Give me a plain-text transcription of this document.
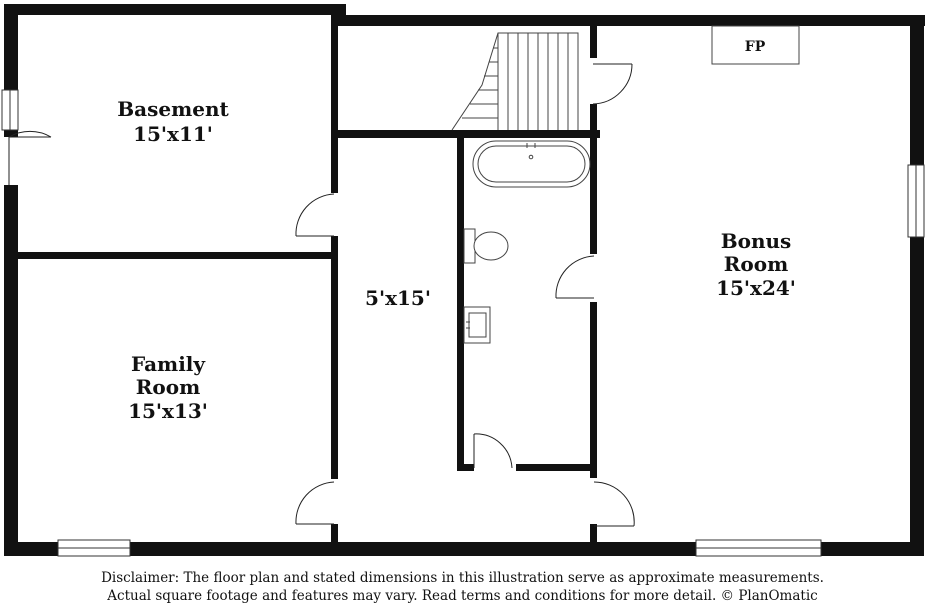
FP
Basement
15'x11'
Family
Room
15'x13'
5'x15'
Bonus
Room
15'x24'
Disclaimer: The floor plan and stated dimensions in this illustration serve as approximate measurements.
Actual square footage and features may vary. Read terms and conditions for more detail. © PlanOmatic
